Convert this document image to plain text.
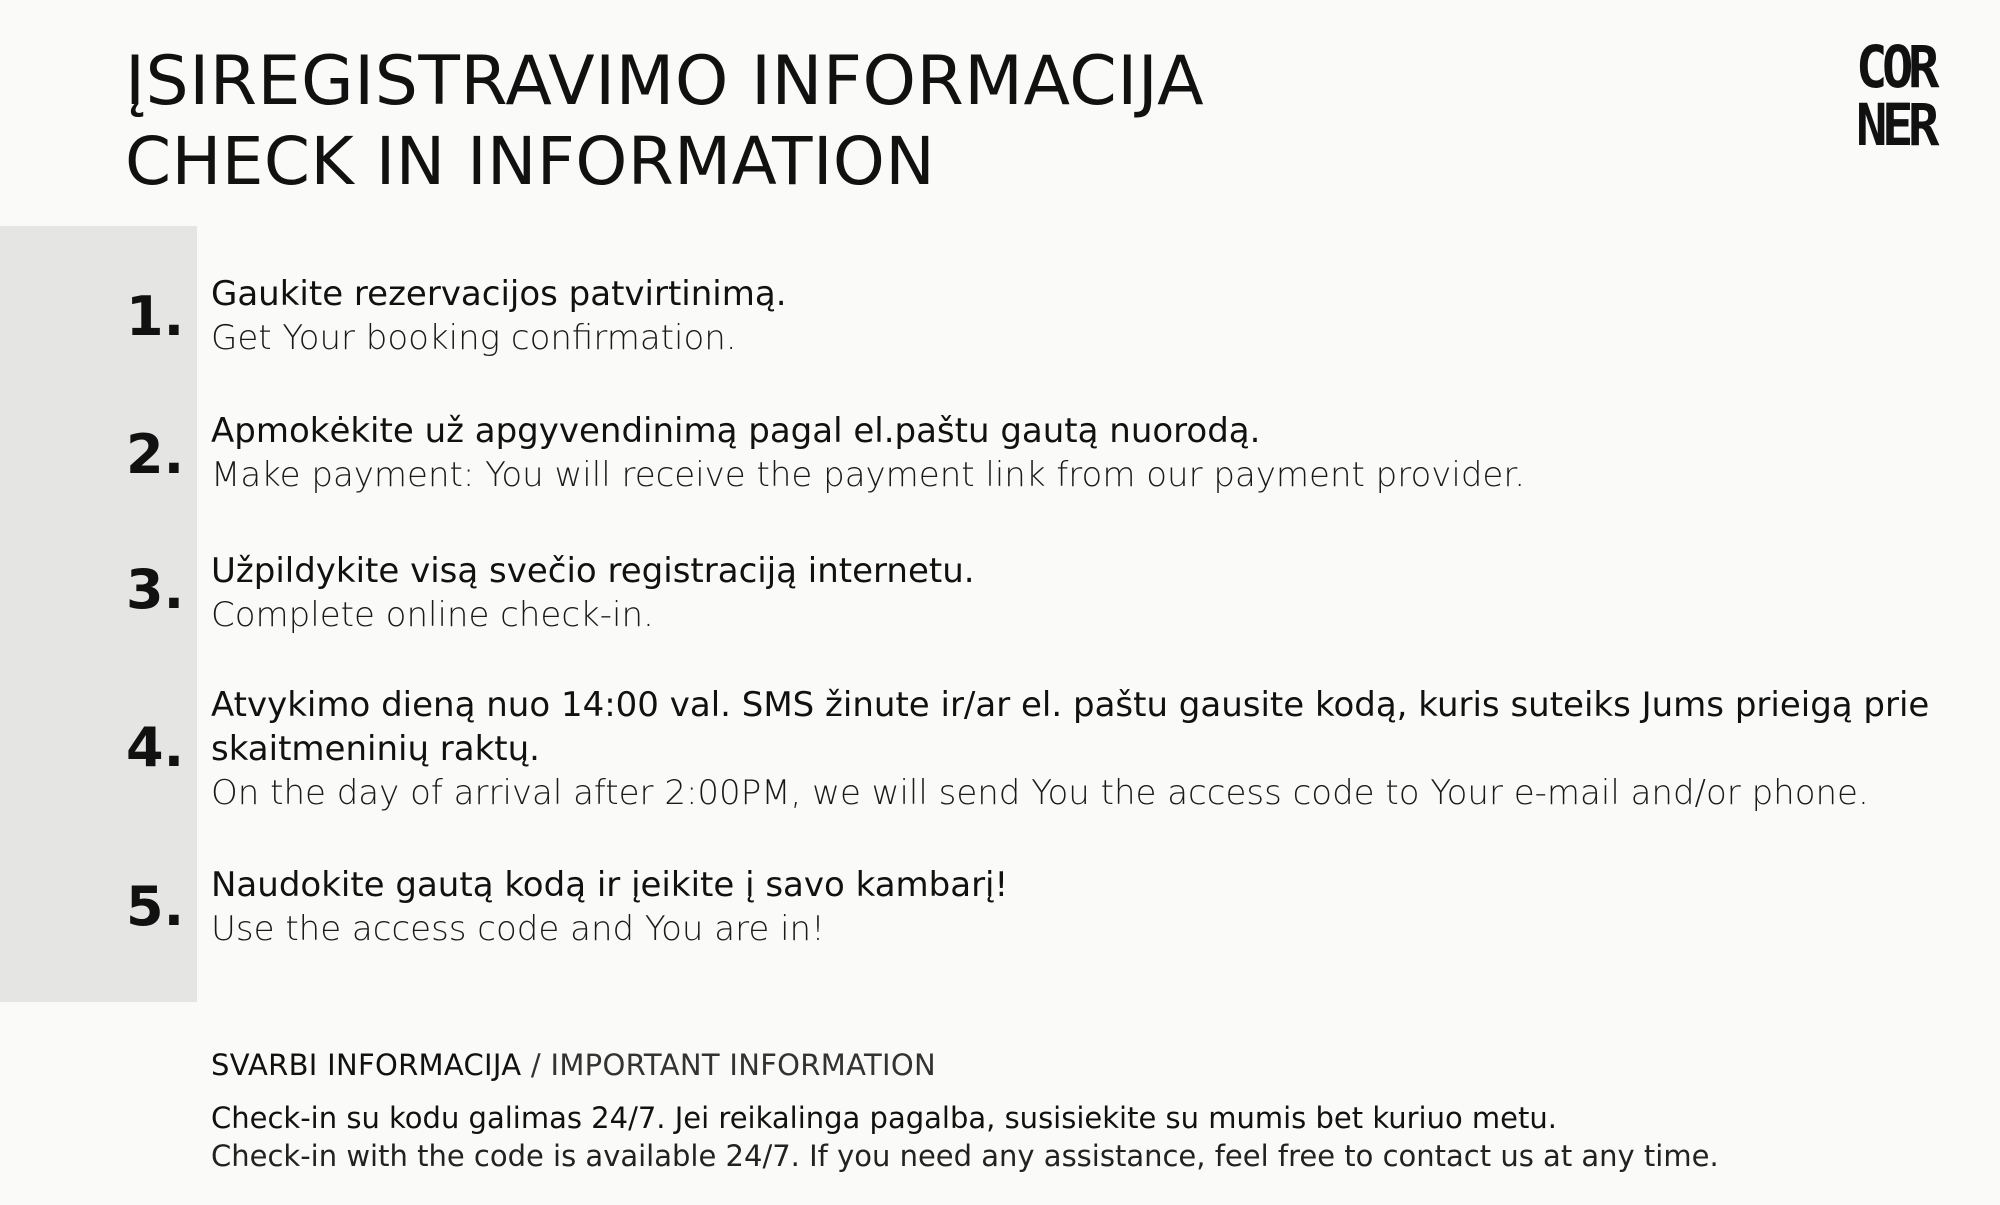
ĮSIREGISTRAVIMO INFORMACIJA
CHECK IN INFORMATION
COR
NER
1. Gaukite rezervacijos patvirtinimą.
Get Your booking confirmation.
2. Apmokėkite už apgyvendinimą pagal el.paštu gautą nuorodą.
Make payment: You will receive the payment link from our payment provider.
3. Užpildykite visą svečio registraciją internetu.
Complete online check-in.
4.
Atvykimo dieną nuo 14:00 val. SMS žinute ir/ar el. paštu gausite kodą, kuris suteiks Jums prieigą prie skaitmeninių raktų.
On the day of arrival after 2:00PM, we will send You the access code to Your e-mail and/or phone.
5. Naudokite gautą kodą ir įeikite į savo kambarį!
Use the access code and You are in!
SVARBI INFORMACIJA / IMPORTANT INFORMATION
Check-in su kodu galimas 24/7. Jei reikalinga pagalba, susisiekite su mumis bet kuriuo metu.
Check-in with the code is available 24/7. If you need any assistance, feel free to contact us at any time.
